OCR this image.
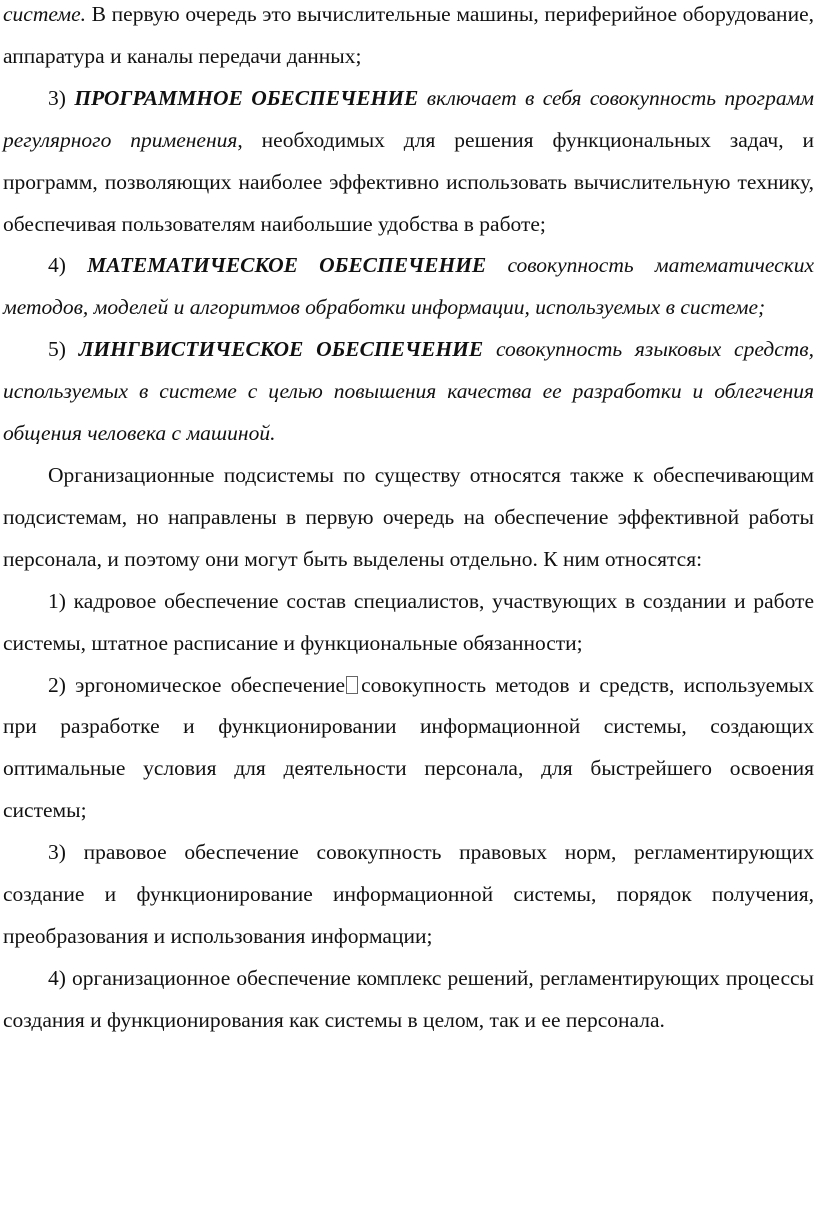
системе. В первую очередь это вычислительные машины, периферийное оборудование, аппаратура и каналы передачи данных;

3) ПРОГРАММНОЕ ОБЕСПЕЧЕНИЕ включает в себя совокупность программ регулярного применения, необходимых для решения функциональных задач, и программ, позволяющих наиболее эффективно использовать вычислительную технику, обеспечивая пользователям наибольшие удобства в работе;

4) МАТЕМАТИЧЕСКОЕ ОБЕСПЕЧЕНИЕ совокупность математических методов, моделей и алгоритмов обработки информации, используемых в системе;

5) ЛИНГВИСТИЧЕСКОЕ ОБЕСПЕЧЕНИЕ совокупность языковых средств, используемых в системе с целью повышения качества ее разработки и облегчения общения человека с машиной.

Организационные подсистемы по существу относятся также к обеспечивающим подсистемам, но направлены в первую очередь на обеспечение эффективной работы персонала, и поэтому они могут быть выделены отдельно. К ним относятся:

1) кадровое обеспечение состав специалистов, участвующих в создании и работе системы, штатное расписание и функциональные обязанности;

2) эргономическое обеспечение совокупность методов и средств, используемых при разработке и функционировании информационной системы, создающих оптимальные условия для деятельности персонала, для быстрейшего освоения системы;

3) правовое обеспечение совокупность правовых норм, регламентирующих создание и функционирование информационной системы, порядок получения, преобразования и использования информации;

4) организационное обеспечение комплекс решений, регламентирующих процессы создания и функционирования как системы в целом, так и ее персонала.
